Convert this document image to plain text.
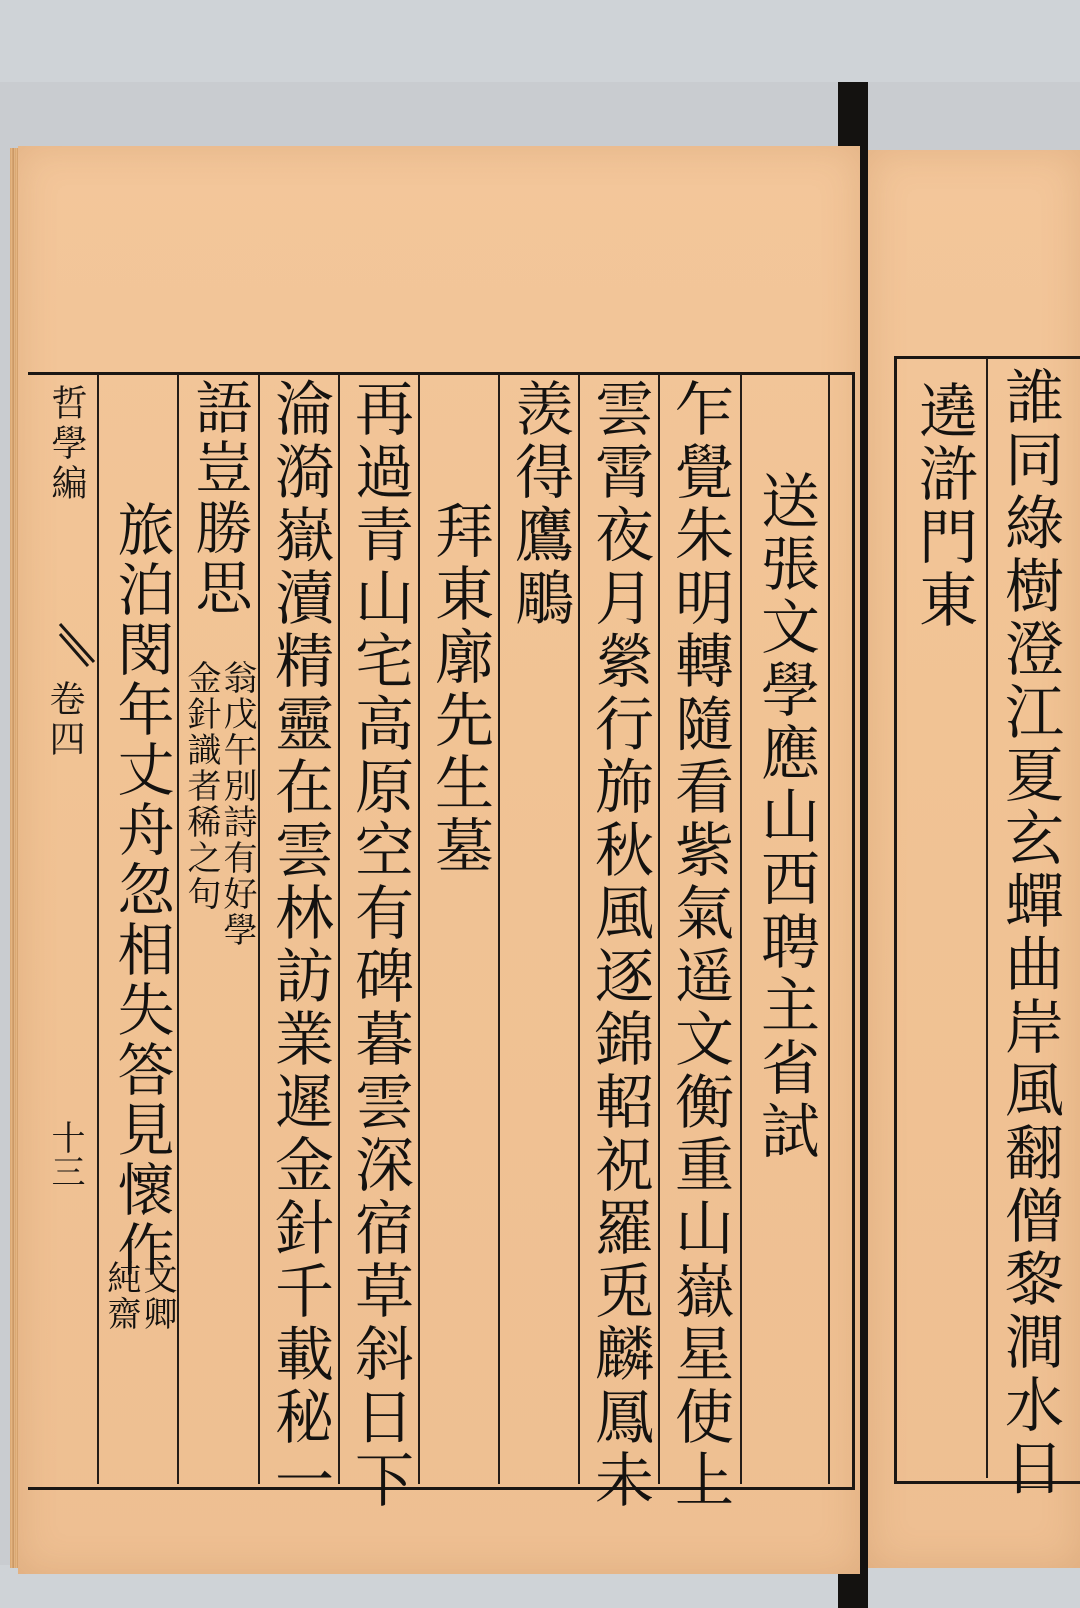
哲學編
卷四
十三	送張文學應山西聘主省試
乍覺朱明轉隨看紫氣遥文衡重山嶽星使上
雲霄夜月縈行斾秋風逐錦軺祝羅兎麟鳳未
羡得鷹鵰
拜東廓先生墓
再過青山宅高原空有碑暮雲深宿草斜日下
淪漪嶽瀆精靈在雲林訪業遲金針千載秘一
語豈勝思
翁戊午別詩有好學
金針識者稀之句
旅泊閔年丈舟忽相失答見懷作
文卿
純齋	誰同綠樹澄江夏玄蟬曲岸風翻僧黎澗水日
遶滸門東
